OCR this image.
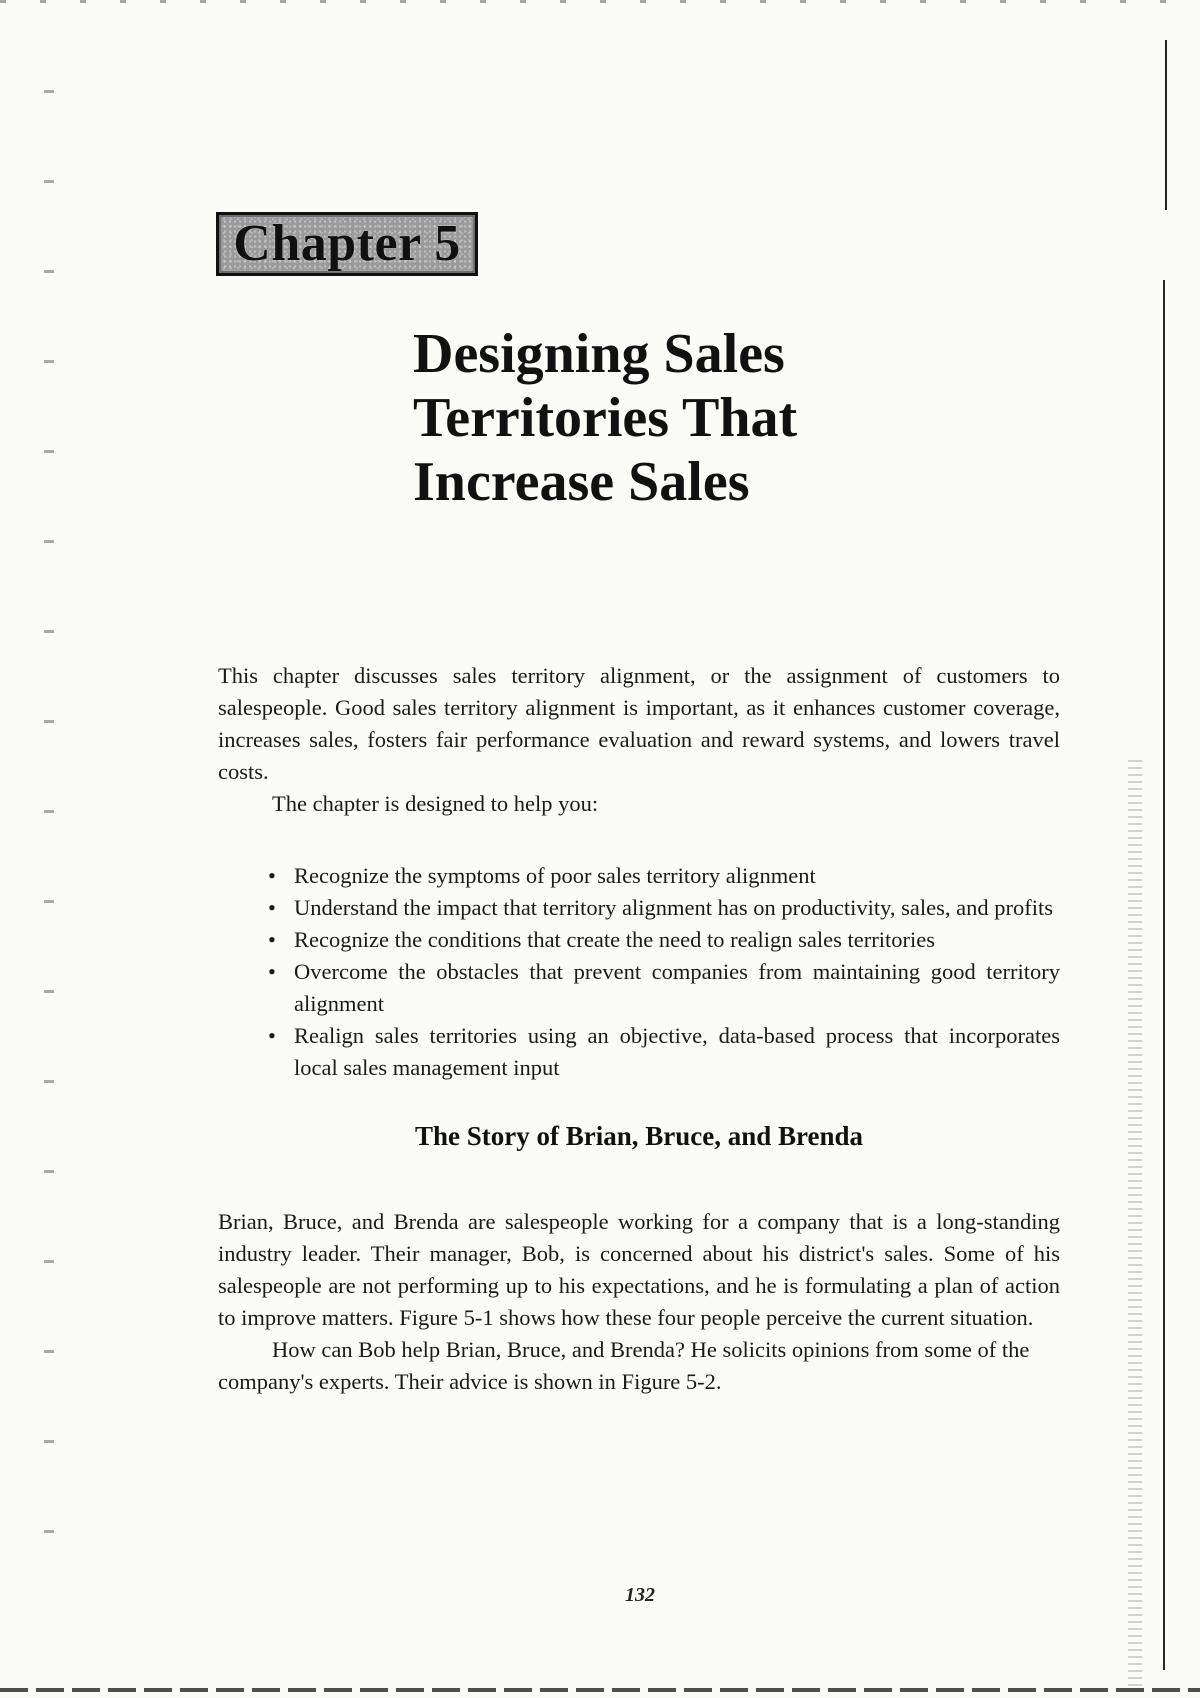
Chapter 5
Designing Sales
Territories That
Increase Sales

This chapter discusses sales territory alignment, or the assignment of customers to salespeople. Good sales territory alignment is important, as it enhances customer coverage, increases sales, fosters fair performance evaluation and reward systems, and lowers travel costs.

The chapter is designed to help you:

• Recognize the symptoms of poor sales territory alignment
• Understand the impact that territory alignment has on productivity, sales, and profits
• Recognize the conditions that create the need to realign sales territories
• Overcome the obstacles that prevent companies from maintaining good territory alignment
• Realign sales territories using an objective, data-based process that incorporates local sales management input
The Story of Brian, Bruce, and Brenda

Brian, Bruce, and Brenda are salespeople working for a company that is a long-standing industry leader. Their manager, Bob, is concerned about his district's sales. Some of his salespeople are not performing up to his expectations, and he is formulating a plan of action to improve matters. Figure 5-1 shows how these four people perceive the current situation.

How can Bob help Brian, Bruce, and Brenda? He solicits opinions from some of the company's experts. Their advice is shown in Figure 5-2.

132
